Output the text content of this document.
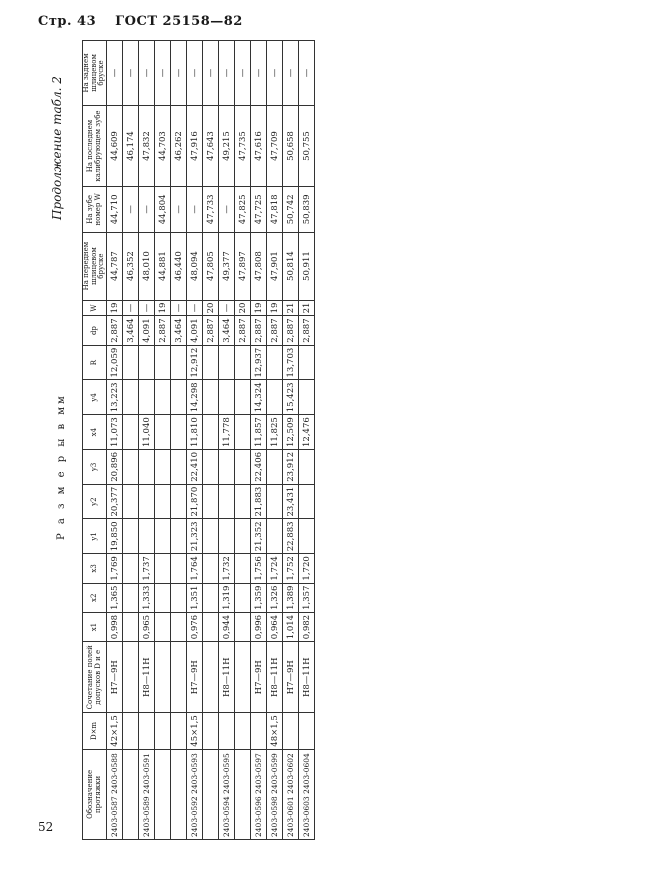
Стр. 43 ГОСТ 25158—82
Продолжение табл. 2
Р а з м е р ы в мм
Обозначение протяжки	D×m	Сочетание полей допусков D и e	x1	x2	x3	y1	y2	y3	x4	y4	R	dp	W	На переднем шлицевом бруске	На зубе номер W	На последнем калибрующем зубе	На заднем шлицевом бруске
2403-0587 2403-0588	42×1,5	H7—9H	0,998	1,365	1,769	19,850	20,377	20,896	11,073	13,223	12,059	2,887	19	44,787	44,710	44,609	—
												3,464	—	46,352	—	46,174	—
2403-0589 2403-0591		H8—11H	0,965	1,333	1,737				11,040			4,091	—	48,010	—	47,832	—
												2,887	19	44,881	44,804	44,703	—
												3,464	—	46,440	—	46,262	—
2403-0592 2403-0593	45×1,5	H7—9H	0,976	1,351	1,764	21,323	21,870	22,410	11,810	14,298	12,912	4,091	—	48,094	—	47,916	—
												2,887	20	47,805	47,733	47,643	—
2403-0594 2403-0595		H8—11H	0,944	1,319	1,732				11,778			3,464	—	49,377	—	49,215	—
												2,887	20	47,897	47,825	47,735	—
2403-0596 2403-0597		H7—9H	0,996	1,359	1,756	21,352	21,883	22,406	11,857	14,324	12,937	2,887	19	47,808	47,725	47,616	—
2403-0598 2403-0599	48×1,5	H8—11H	0,964	1,326	1,724				11,825			2,887	19	47,901	47,818	47,709	—
2403-0601 2403-0602		H7—9H	1,014	1,389	1,752	22,883	23,431	23,912	12,509	15,423	13,703	2,887	21	50,814	50,742	50,658	—
2403-0603 2403-0604		H8—11H	0,982	1,357	1,720				12,476			2,887	21	50,911	50,839	50,755	—
52
